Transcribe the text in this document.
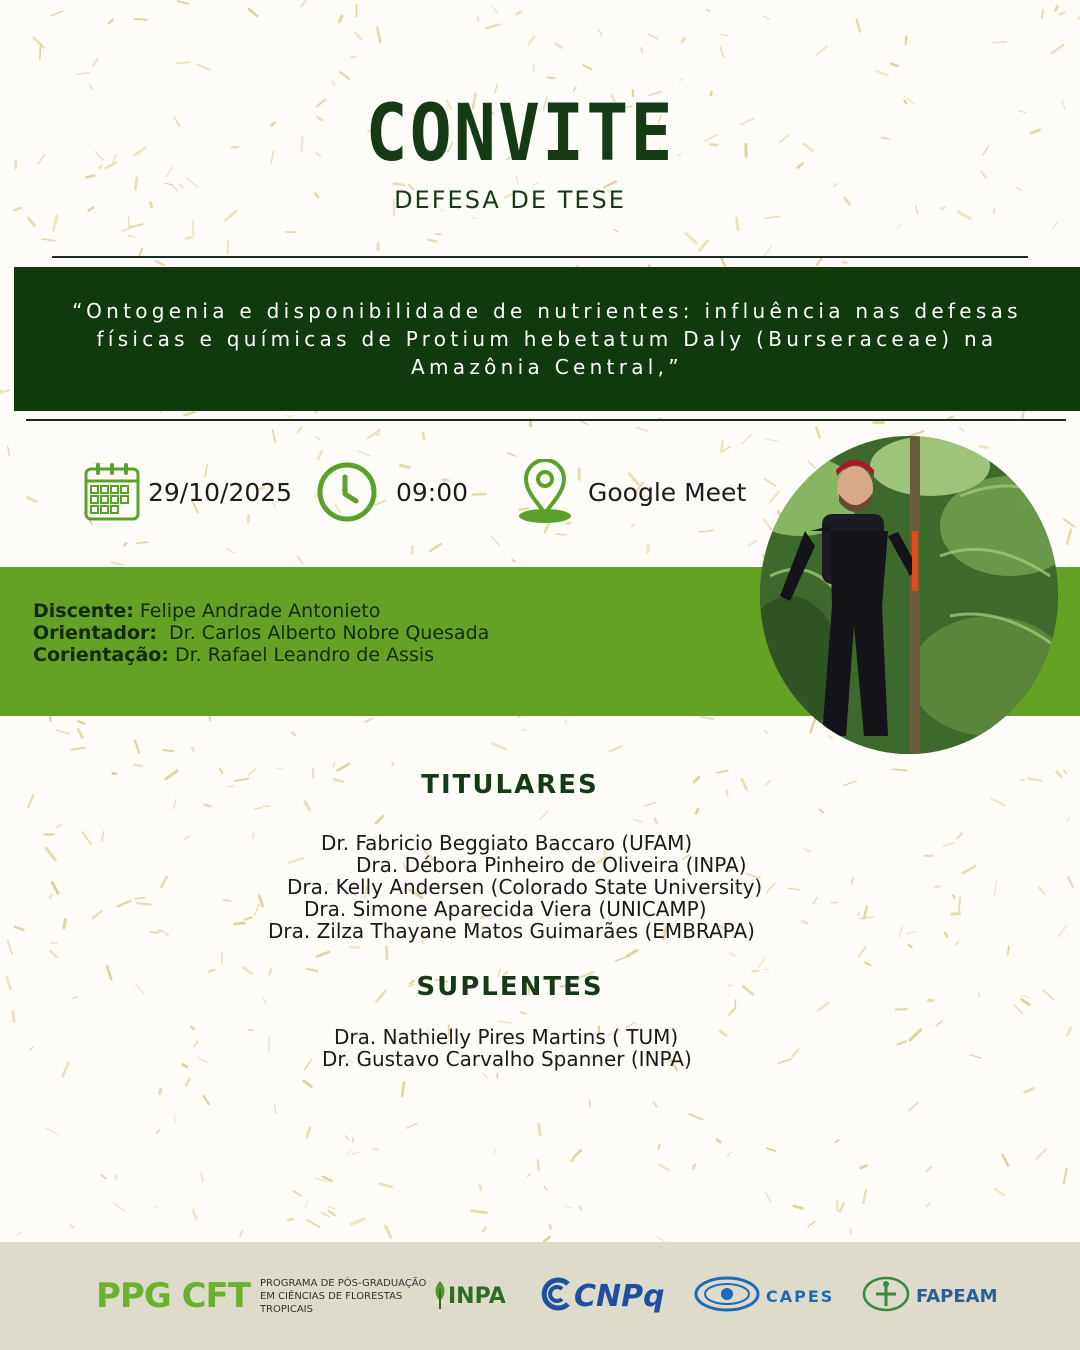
CONVITE
DEFESA DE TESE
“Ontogenia e disponibilidade de nutrientes: influência nas defesas físicas e químicas de Protium hebetatum Daly (Burseraceae) na Amazônia Central,”
29/10/2025	09:00	Google Meet
Discente: Felipe Andrade Antonieto
Orientador: Dr. Carlos Alberto Nobre Quesada
Corientação: Dr. Rafael Leandro de Assis
TITULARES
Dr. Fabricio Beggiato Baccaro (UFAM)
Dra. Débora Pinheiro de Oliveira (INPA)
Dra. Kelly Andersen (Colorado State University)
Dra. Simone Aparecida Viera (UNICAMP)
Dra. Zilza Thayane Matos Guimarães (EMBRAPA)
SUPLENTES
Dra. Nathielly Pires Martins ( TUM)
Dr. Gustavo Carvalho Spanner (INPA)
PPG CFT PROGRAMA DE PÓS-GRADUAÇÃO EM CIÊNCIAS DE FLORESTAS TROPICAIS
INPA CNPq	CAPES	FAPEAM
